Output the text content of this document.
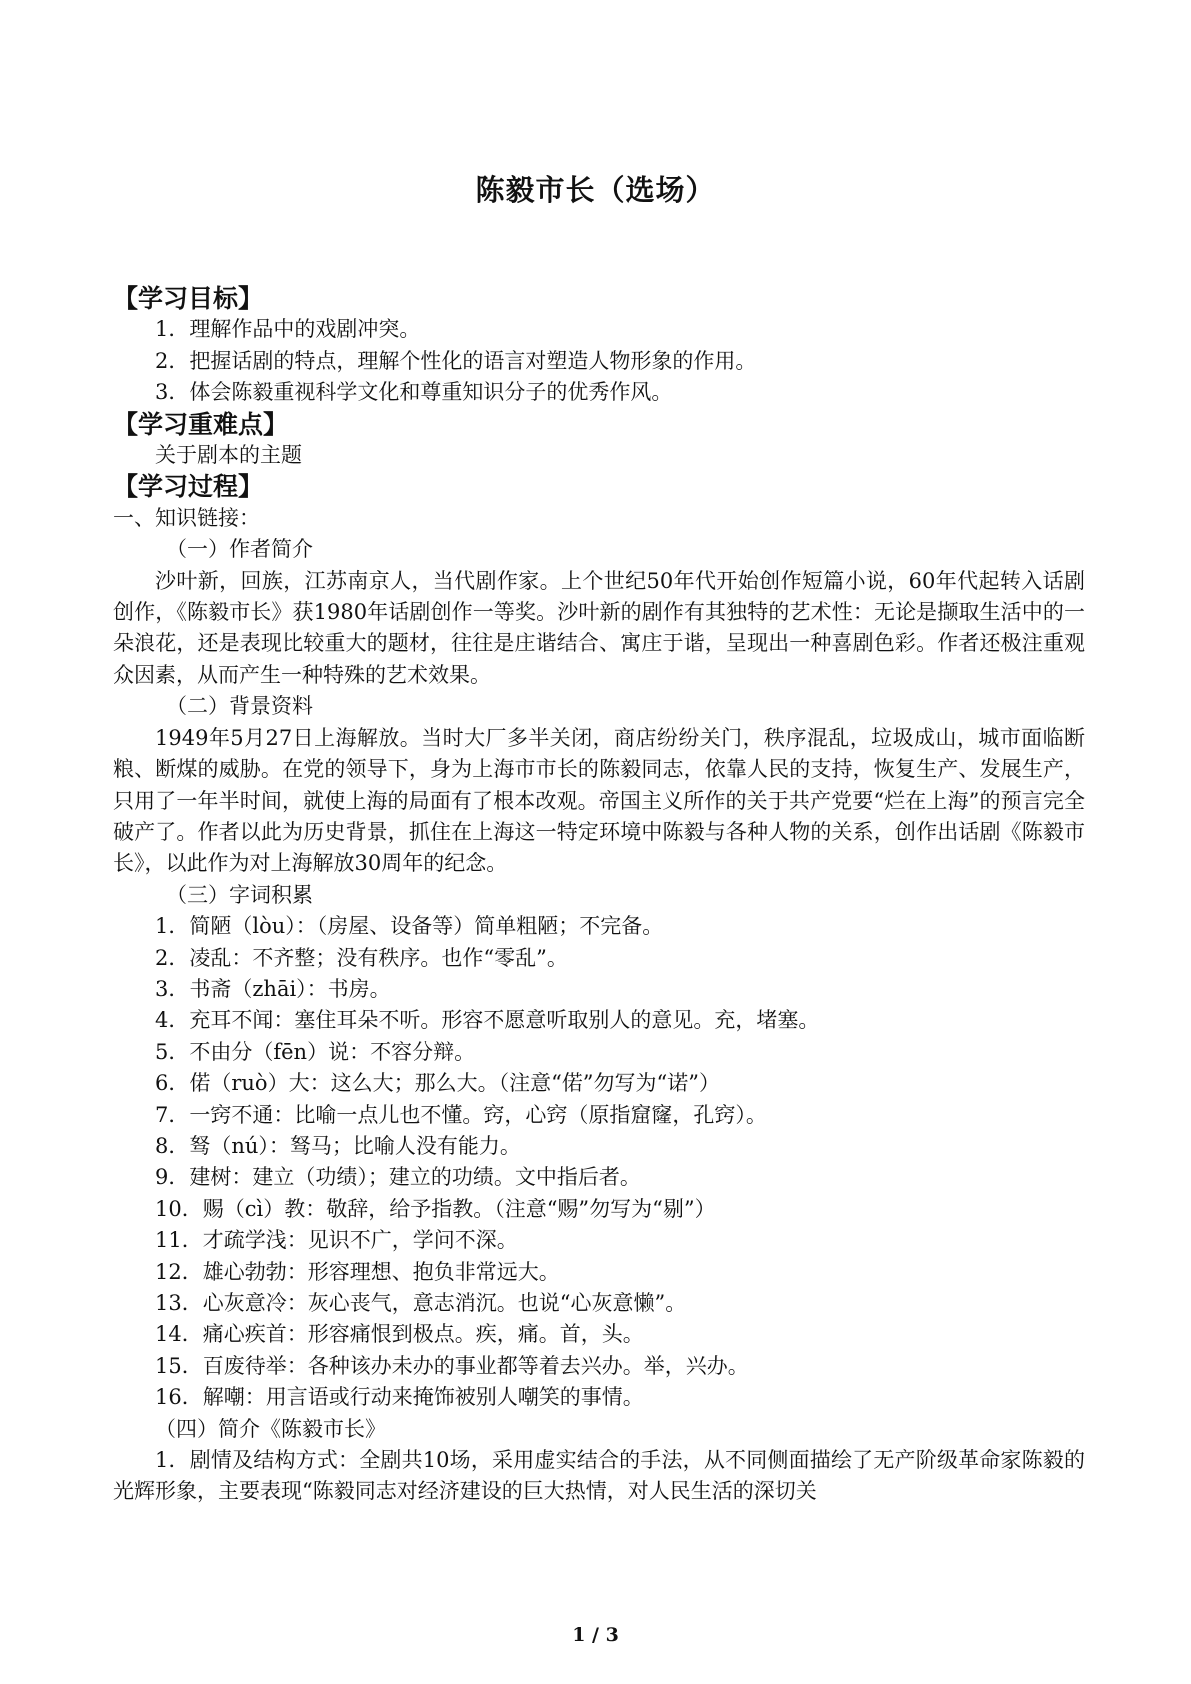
陈毅市长（选场）
【学习目标】
1．理解作品中的戏剧冲突。
2．把握话剧的特点，理解个性化的语言对塑造人物形象的作用。
3．体会陈毅重视科学文化和尊重知识分子的优秀作风。
【学习重难点】
关于剧本的主题
【学习过程】
一、知识链接：
（一）作者简介

沙叶新，回族，江苏南京人，当代剧作家。上个世纪50年代开始创作短篇小说，60年代起转入话剧创作，《陈毅市长》获1980年话剧创作一等奖。沙叶新的剧作有其独特的艺术性：无论是撷取生活中的一朵浪花，还是表现比较重大的题材，往往是庄谐结合、寓庄于谐，呈现出一种喜剧色彩。作者还极注重观众因素，从而产生一种特殊的艺术效果。

（二）背景资料

1949年5月27日上海解放。当时大厂多半关闭，商店纷纷关门，秩序混乱，垃圾成山，城市面临断粮、断煤的威胁。在党的领导下，身为上海市市长的陈毅同志，依靠人民的支持，恢复生产、发展生产，只用了一年半时间，就使上海的局面有了根本改观。帝国主义所作的关于共产党要“烂在上海”的预言完全破产了。作者以此为历史背景，抓住在上海这一特定环境中陈毅与各种人物的关系，创作出话剧《陈毅市长》，以此作为对上海解放30周年的纪念。

（三）字词积累
1．简陋（lòu）：（房屋、设备等）简单粗陋；不完备。
2．凌乱：不齐整；没有秩序。也作“零乱”。
3．书斋（zhāi）：书房。
4．充耳不闻：塞住耳朵不听。形容不愿意听取别人的意见。充，堵塞。
5．不由分（fēn）说：不容分辩。
6．偌（ruò）大：这么大；那么大。（注意“偌”勿写为“诺”）
7．一窍不通：比喻一点儿也不懂。窍，心窍（原指窟窿，孔窍）。
8．驽（nú）：驽马；比喻人没有能力。
9．建树：建立（功绩）；建立的功绩。文中指后者。
10．赐（cì）教：敬辞，给予指教。（注意“赐”勿写为“剔”）
11．才疏学浅：见识不广，学问不深。
12．雄心勃勃：形容理想、抱负非常远大。
13．心灰意冷：灰心丧气，意志消沉。也说“心灰意懒”。
14．痛心疾首：形容痛恨到极点。疾，痛。首，头。
15．百废待举：各种该办未办的事业都等着去兴办。举，兴办。
16．解嘲：用言语或行动来掩饰被别人嘲笑的事情。
（四）简介《陈毅市长》

1．剧情及结构方式：全剧共10场，采用虚实结合的手法，从不同侧面描绘了无产阶级革命家陈毅的光辉形象，主要表现“陈毅同志对经济建设的巨大热情，对人民生活的深切关

1 / 3
